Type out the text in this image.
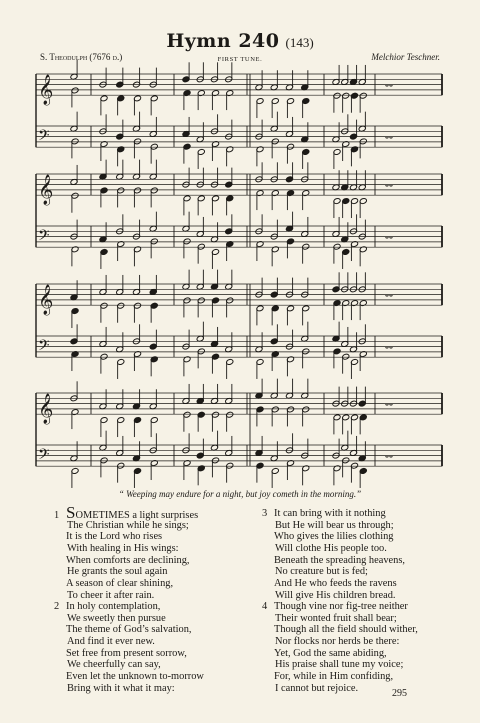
Hymn 240 (143)
S. Theodulph (7676 d.)	FIRST TUNE.	Melchior Teschner.
𝄞
𝄢
𝅝𝅝
𝅝𝅝
𝄞
𝄢
𝅝𝅝
𝅝𝅝
𝄞
𝄢
𝅝𝅝
𝅝𝅝
𝄞
𝄢
𝅝𝅝
𝅝𝅝
“ Weeping may endure for a night, but joy cometh in the morning.”
1 SOMETIMES a light surprises
The Christian while he sings;
It is the Lord who rises
With healing in His wings:
When comforts are declining,
He grants the soul again
A season of clear shining,
To cheer it after rain.
2 In holy contemplation,
We sweetly then pursue
The theme of God’s salvation,
And find it ever new.
Set free from present sorrow,
We cheerfully can say,
Even let the unknown to-morrow
Bring with it what it may:
3 It can bring with it nothing
But He will bear us through;
Who gives the lilies clothing
Will clothe His people too.
Beneath the spreading heavens,
No creature but is fed;
And He who feeds the ravens
Will give His children bread.
4 Though vine nor fig-tree neither
Their wonted fruit shall bear;
Though all the field should wither,
Nor flocks nor herds be there:
Yet, God the same abiding,
His praise shall tune my voice;
For, while in Him confiding,
I cannot but rejoice.	295
